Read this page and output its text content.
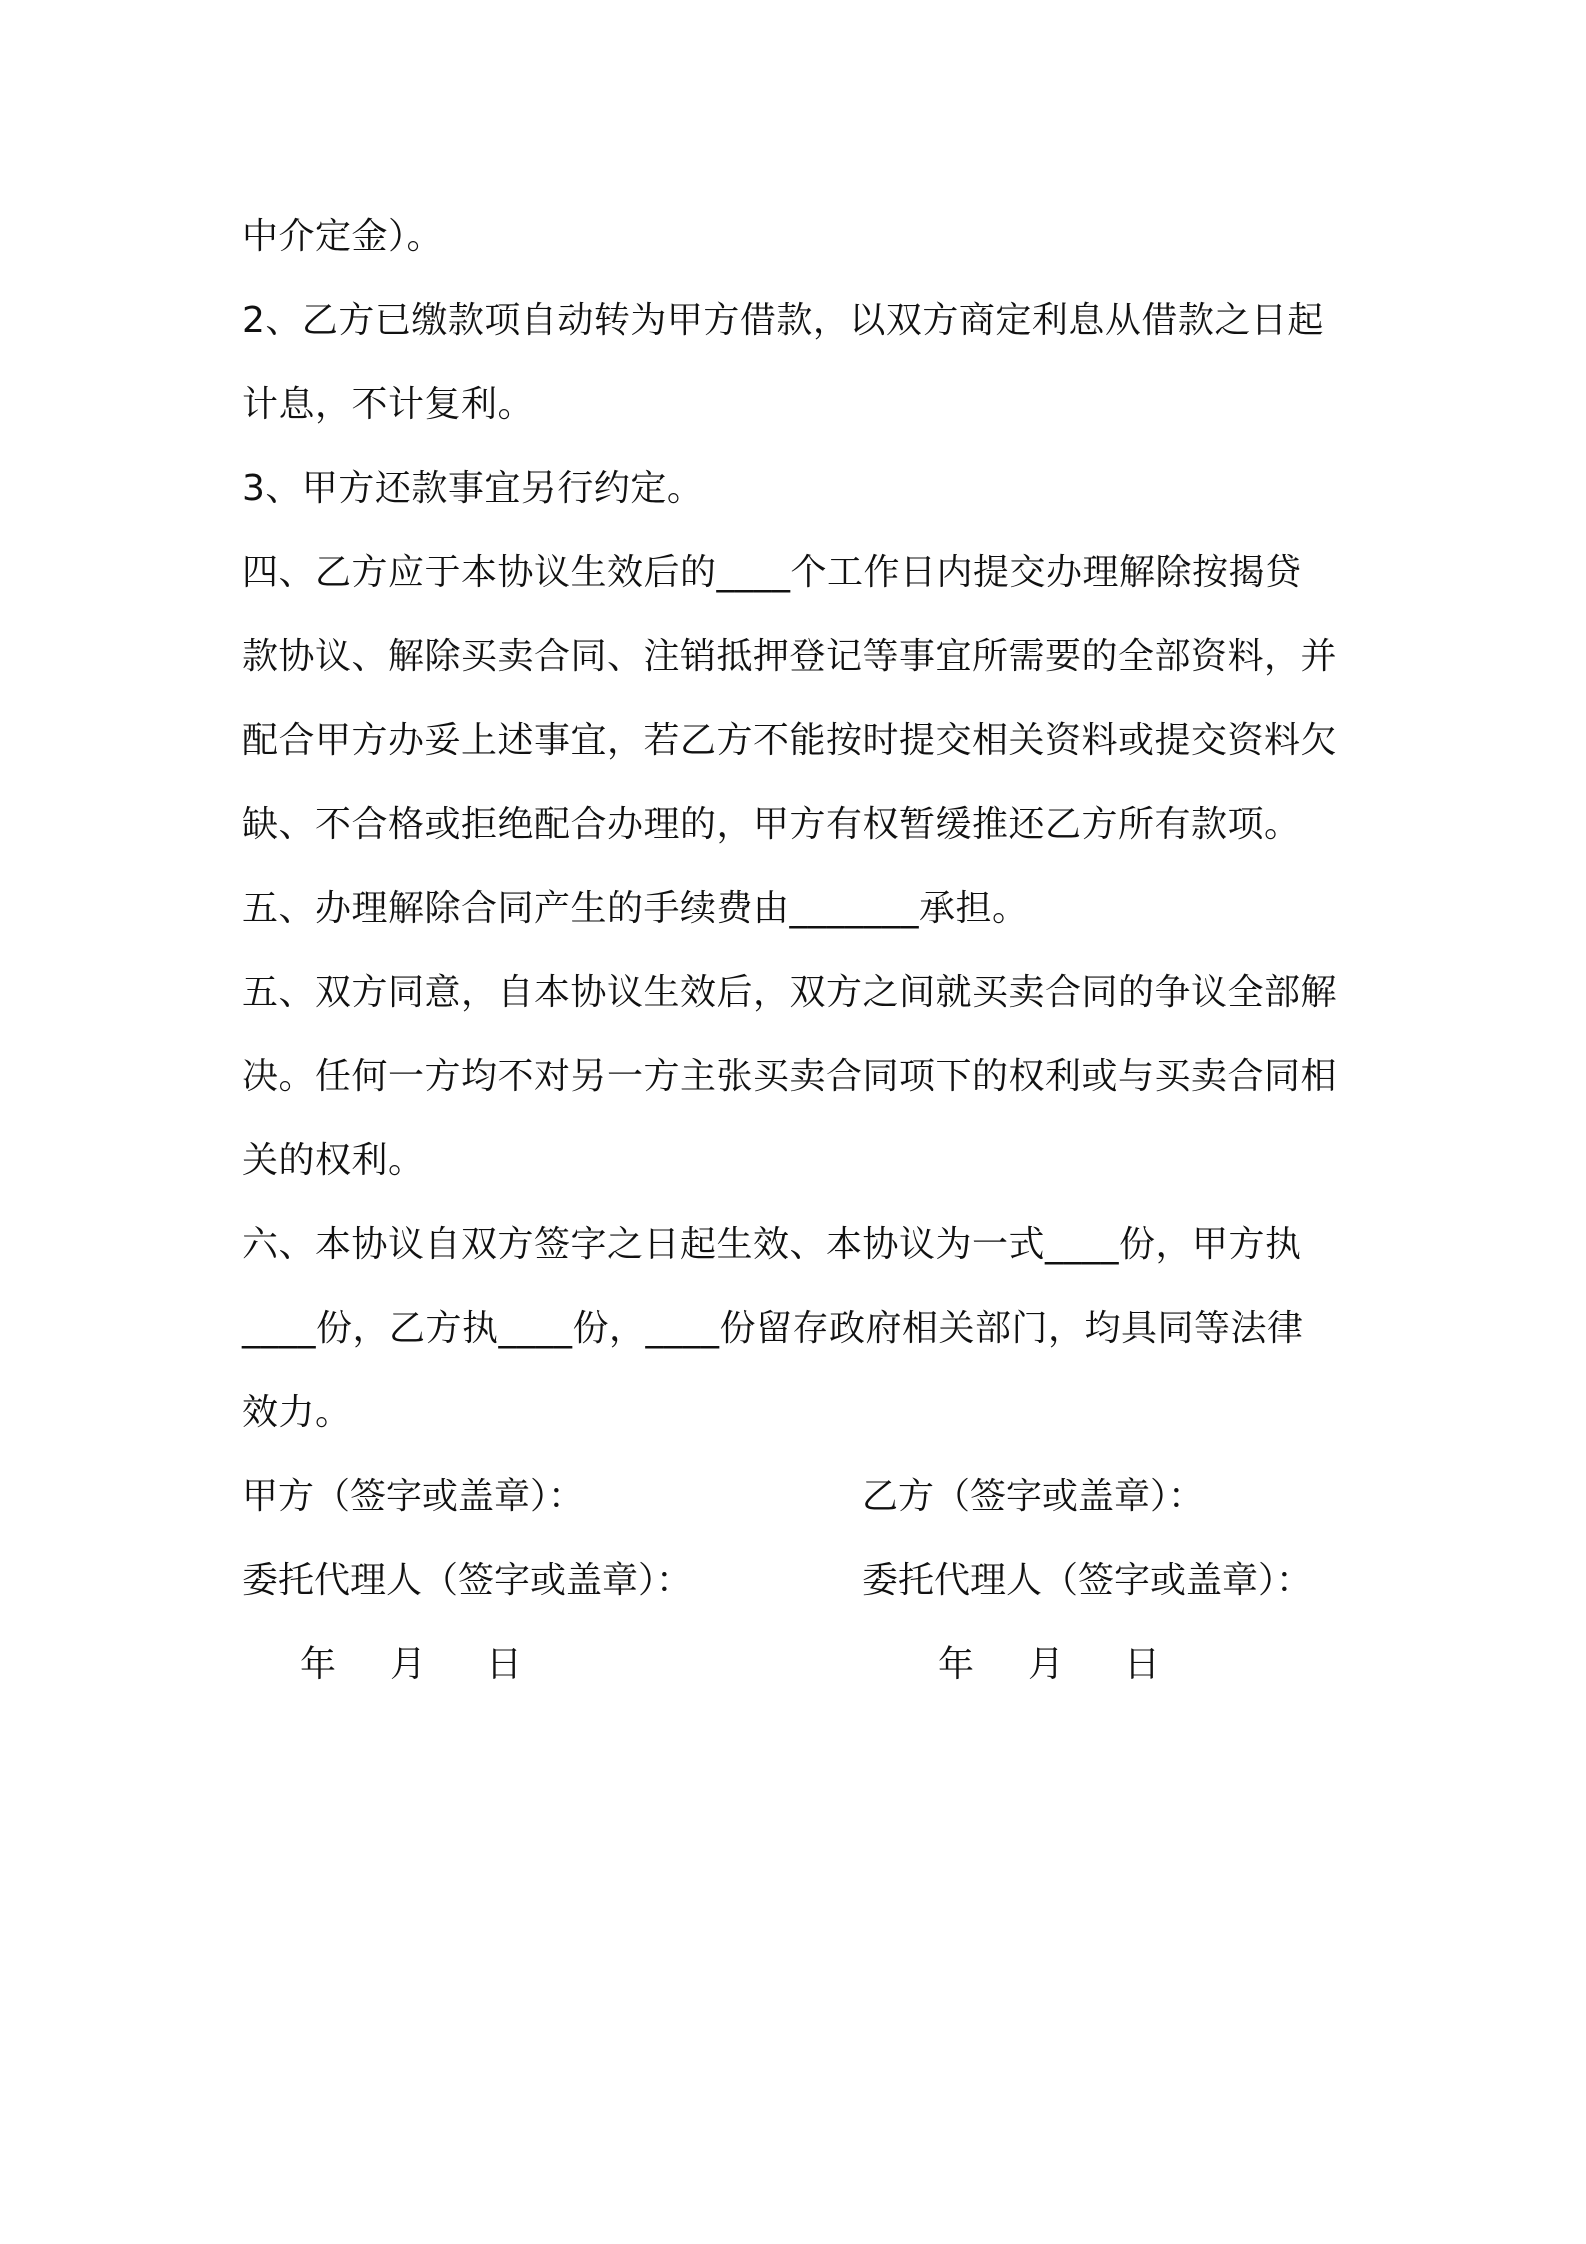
中介定金）。
2、乙方已缴款项自动转为甲方借款，以双方商定利息从借款之日起
计息，不计复利。
3、甲方还款事宜另行约定。
四、乙方应于本协议生效后的____个工作日内提交办理解除按揭贷
款协议、解除买卖合同、注销抵押登记等事宜所需要的全部资料，并
配合甲方办妥上述事宜，若乙方不能按时提交相关资料或提交资料欠
缺、不合格或拒绝配合办理的，甲方有权暂缓推还乙方所有款项。
五、办理解除合同产生的手续费由_______承担。
五、双方同意，自本协议生效后，双方之间就买卖合同的争议全部解
决。任何一方均不对另一方主张买卖合同项下的权利或与买卖合同相
关的权利。
六、本协议自双方签字之日起生效、本协议为一式____份，甲方执
____份，乙方执____份，____份留存政府相关部门，均具同等法律
效力。
甲方（签字或盖章）：	乙方（签字或盖章）：
委托代理人（签字或盖章）：	委托代理人（签字或盖章）：
年 月 日	年 月 日
